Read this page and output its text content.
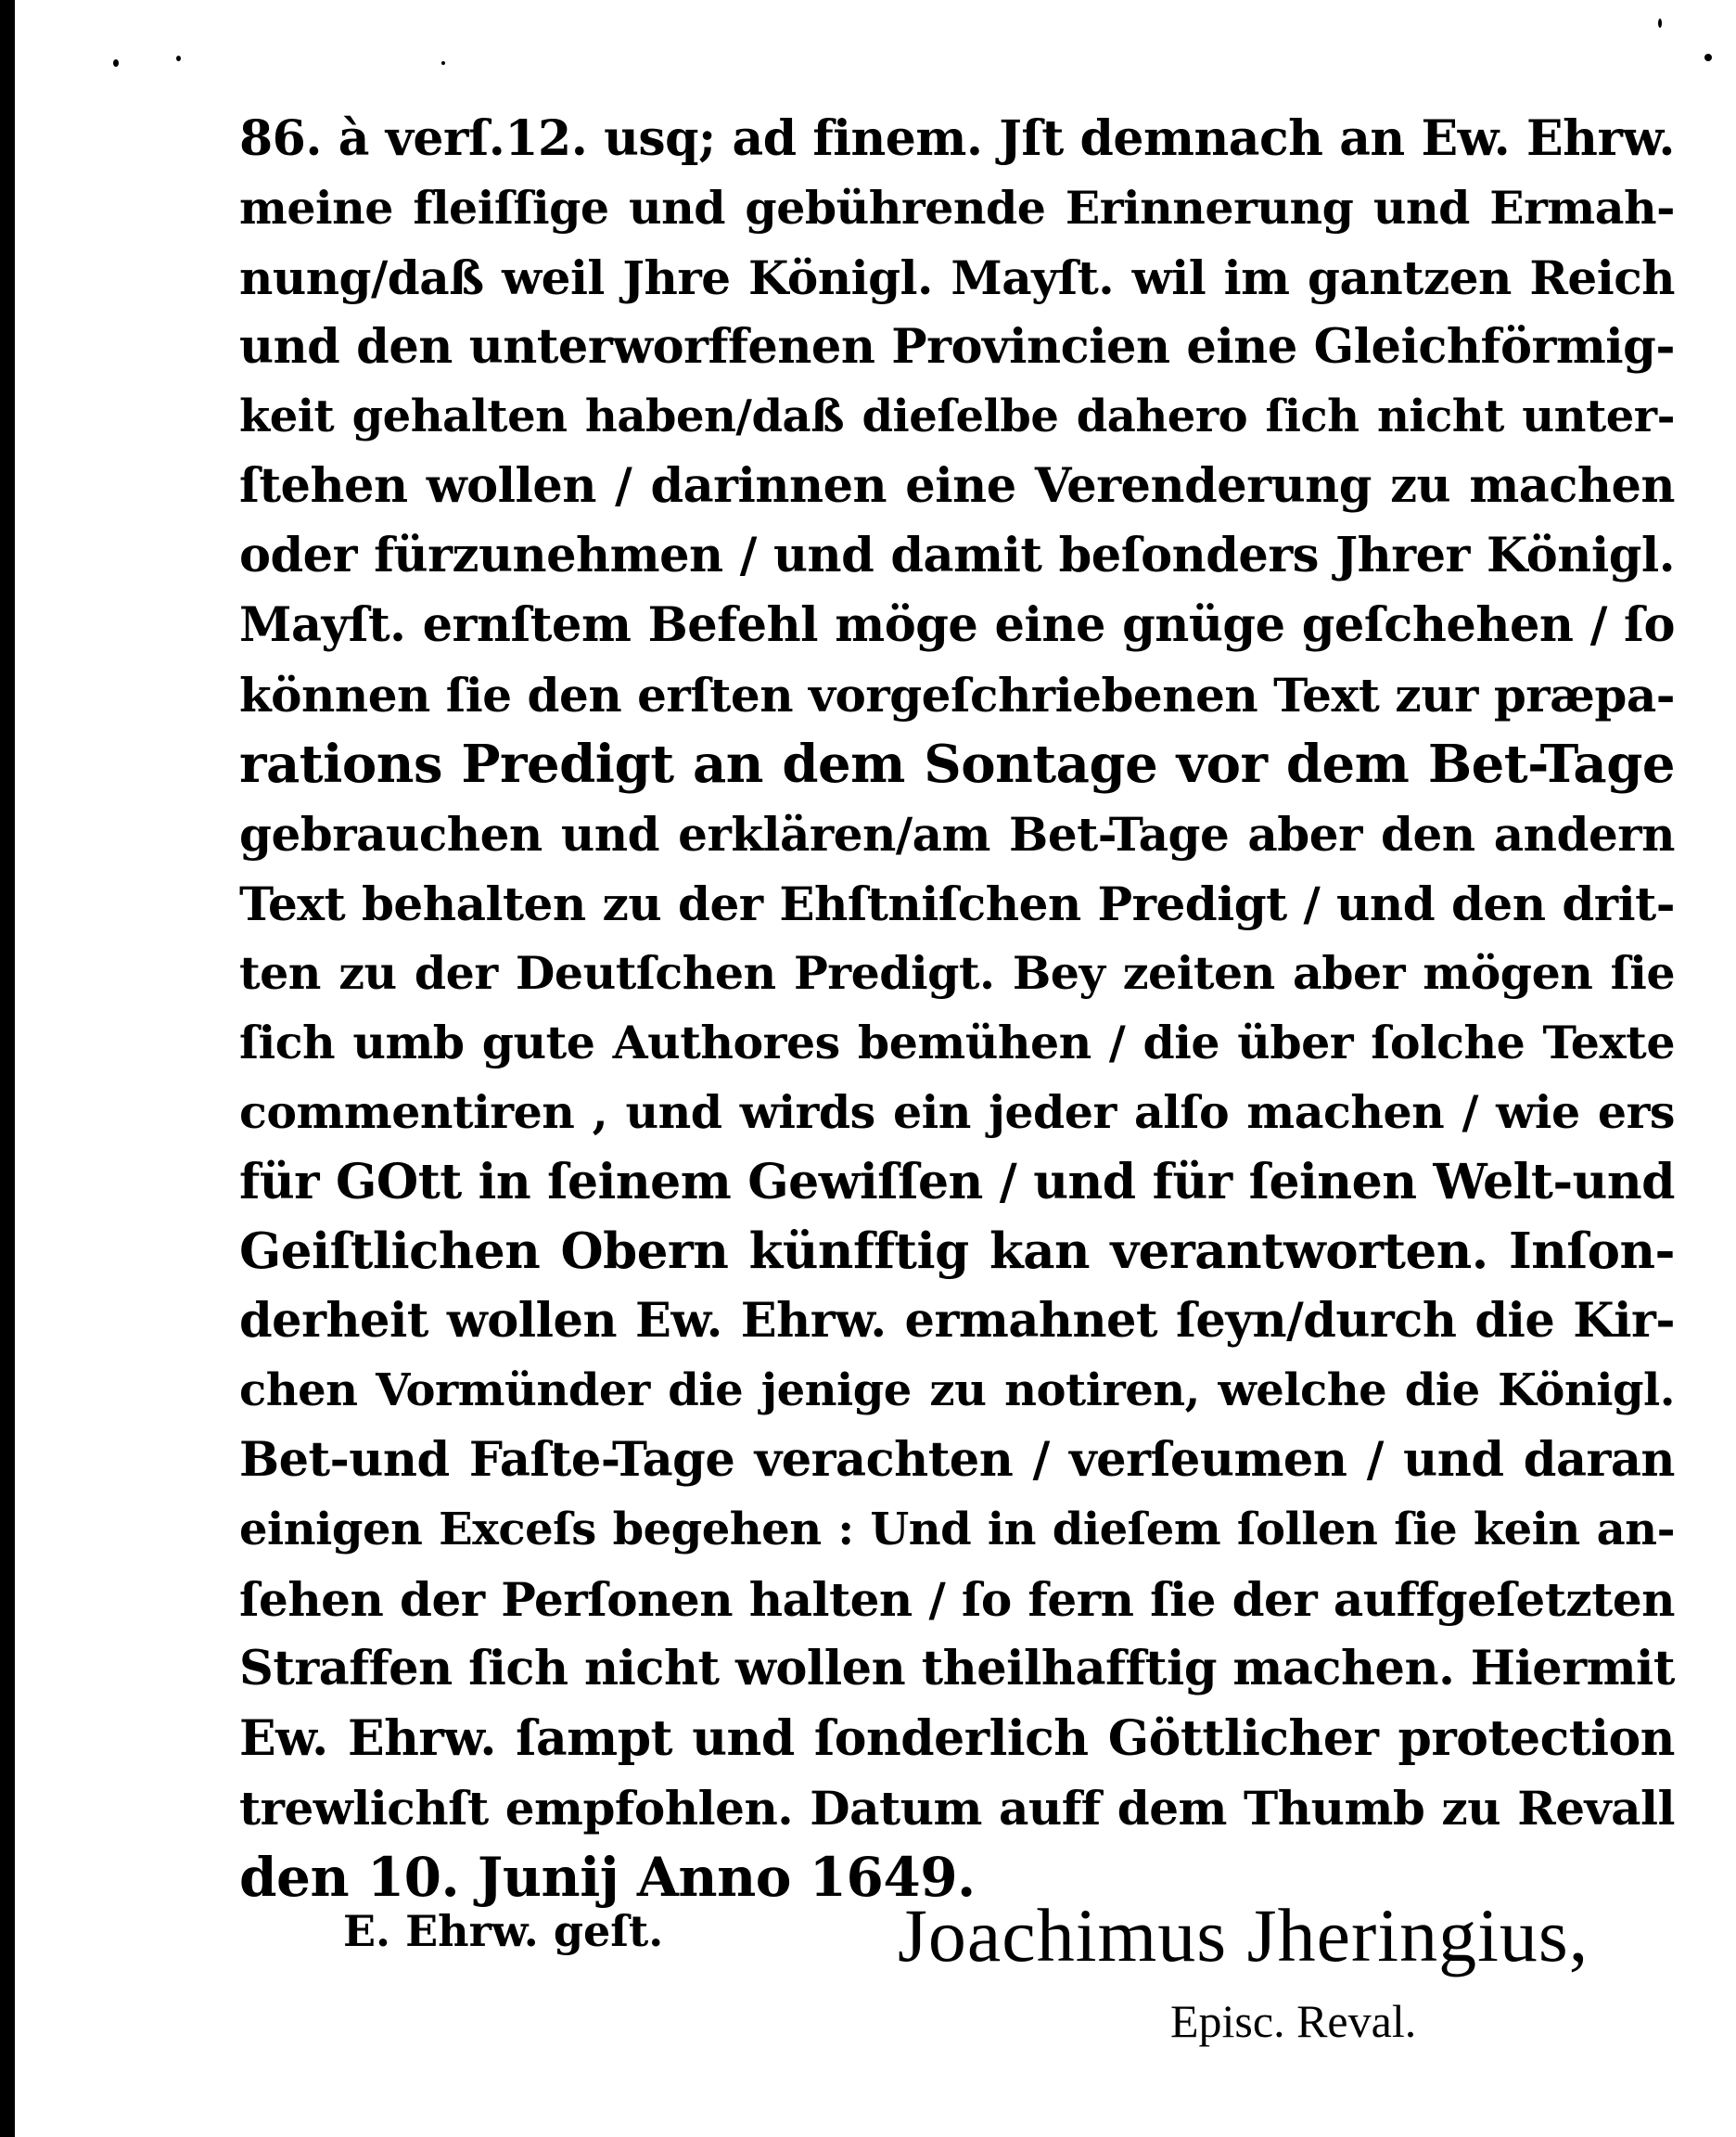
86. à verſ.12. usq; ad finem. Jſt demnach an Ew. Ehrw.
meine fleiſſige und gebührende Erinnerung und Ermah-
nung/daß weil Jhre Königl. Mayſt. wil im gantzen Reich
und den unterworffenen Provincien eine Gleichförmig-
keit gehalten haben/daß dieſelbe dahero ſich nicht unter-
ſtehen wollen / darinnen eine Verenderung zu machen
oder fürzunehmen / und damit beſonders Jhrer Königl.
Mayſt. ernſtem Befehl möge eine gnüge geſchehen / ſo
können ſie den erſten vorgeſchriebenen Text zur præpa-
rations Predigt an dem Sontage vor dem Bet-Tage
gebrauchen und erklären/am Bet-Tage aber den andern
Text behalten zu der Ehſtniſchen Predigt / und den drit-
ten zu der Deutſchen Predigt. Bey zeiten aber mögen ſie
ſich umb gute Authores bemühen / die über ſolche Texte
commentiren , und wirds ein jeder alſo machen / wie ers
für GOtt in ſeinem Gewiſſen / und für ſeinen Welt-und
Geiſtlichen Obern künfftig kan verantworten. Inſon-
derheit wollen Ew. Ehrw. ermahnet ſeyn/durch die Kir-
chen Vormünder die jenige zu notiren, welche die Königl.
Bet-und Faſte-Tage verachten / verſeumen / und daran
einigen Exceſs begehen : Und in dieſem ſollen ſie kein an-
ſehen der Perſonen halten / ſo fern ſie der auffgeſetzten
Straffen ſich nicht wollen theilhafftig machen. Hiermit
Ew. Ehrw. ſampt und ſonderlich Göttlicher protection
trewlichſt empfohlen. Datum auff dem Thumb zu Revall
den 10. Junij Anno 1649.
E. Ehrw. geſt.	Joachimus Jheringius,
Episc. Reval.
